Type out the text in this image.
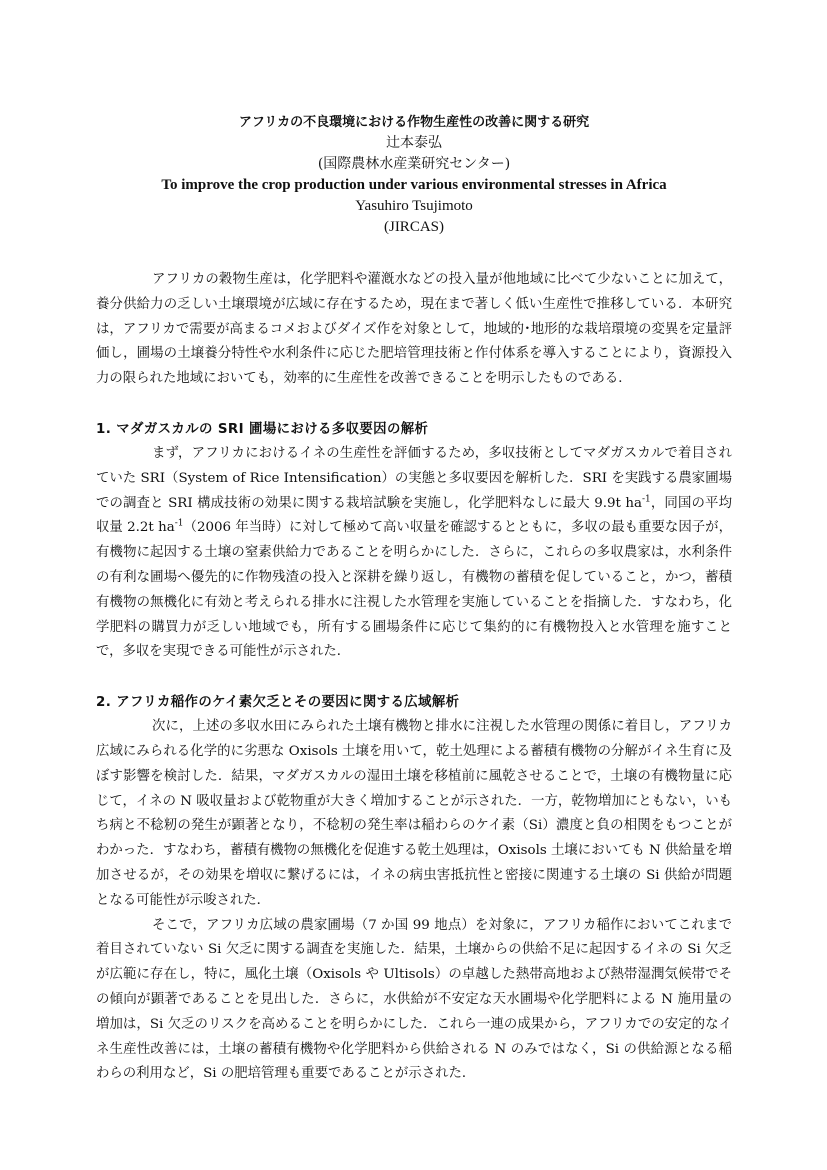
アフリカの不良環境における作物生産性の改善に関する研究
辻本泰弘
(国際農林水産業研究センター)
To improve the crop production under various environmental stresses in Africa
Yasuhiro Tsujimoto
(JIRCAS)

アフリカの穀物生産は，化学肥料や灌漑水などの投入量が他地域に比べて少ないことに加えて，養分供給力の乏しい土壌環境が広域に存在するため，現在まで著しく低い生産性で推移している．本研究は，アフリカで需要が高まるコメおよびダイズ作を対象として，地域的･地形的な栽培環境の変異を定量評価し，圃場の土壌養分特性や水利条件に応じた肥培管理技術と作付体系を導入することにより，資源投入力の限られた地域においても，効率的に生産性を改善できることを明示したものである．

1. マダガスカルの SRI 圃場における多収要因の解析

まず，アフリカにおけるイネの生産性を評価するため，多収技術としてマダガスカルで着目されていた SRI（System of Rice Intensification）の実態と多収要因を解析した．SRI を実践する農家圃場での調査と SRI 構成技術の効果に関する栽培試験を実施し，化学肥料なしに最大 9.9t $ha^{-1}$，同国の平均収量 2.2t $ha^{-1}(2006$ 年当時）に対して極めて高い収量を確認するとともに，多収の最も重要な因子が，有機物に起因する土壌の窒素供給力であることを明らかにした．さらに，これらの多収農家は，水利条件の有利な圃場へ優先的に作物残渣の投入と深耕を繰り返し，有機物の蓄積を促していること，かつ，蓄積有機物の無機化に有効と考えられる排水に注視した水管理を実施していることを指摘した．すなわち，化学肥料の購買力が乏しい地域でも，所有する圃場条件に応じて集約的に有機物投入と水管理を施すことで，多収を実現できる可能性が示された．

2. アフリカ稲作のケイ素欠乏とその要因に関する広域解析

次に，上述の多収水田にみられた土壌有機物と排水に注視した水管理の関係に着目し，アフリカ広域にみられる化学的に劣悪な Oxisols 土壌を用いて，乾土処理による蓄積有機物の分解がイネ生育に及ぼす影響を検討した．結果，マダガスカルの湿田土壌を移植前に風乾させることで，土壌の有機物量に応じて，イネの N 吸収量および乾物重が大きく増加することが示された．一方，乾物増加にともない，いもち病と不稔籾の発生が顕著となり，不稔籾の発生率は稲わらのケイ素（Si）濃度と負の相関をもつことがわかった．すなわち，蓄積有機物の無機化を促進する乾土処理は，Oxisols 土壌においても N 供給量を増加させるが，その効果を増収に繋げるには，イネの病虫害抵抗性と密接に関連する土壌の Si 供給が問題となる可能性が示唆された．

そこで，アフリカ広域の農家圃場（7 か国 99 地点）を対象に，アフリカ稲作においてこれまで着目されていない Si 欠乏に関する調査を実施した．結果，土壌からの供給不足に起因するイネの Si 欠乏が広範に存在し，特に，風化土壌（Oxisols や Ultisols）の卓越した熱帯高地および熱帯湿潤気候帯でその傾向が顕著であることを見出した．さらに，水供給が不安定な天水圃場や化学肥料による N 施用量の増加は，Si 欠乏のリスクを高めることを明らかにした．これら一連の成果から，アフリカでの安定的なイネ生産性改善には，土壌の蓄積有機物や化学肥料から供給される N のみではなく，Si の供給源となる稲わらの利用など，Si の肥培管理も重要であることが示された．
